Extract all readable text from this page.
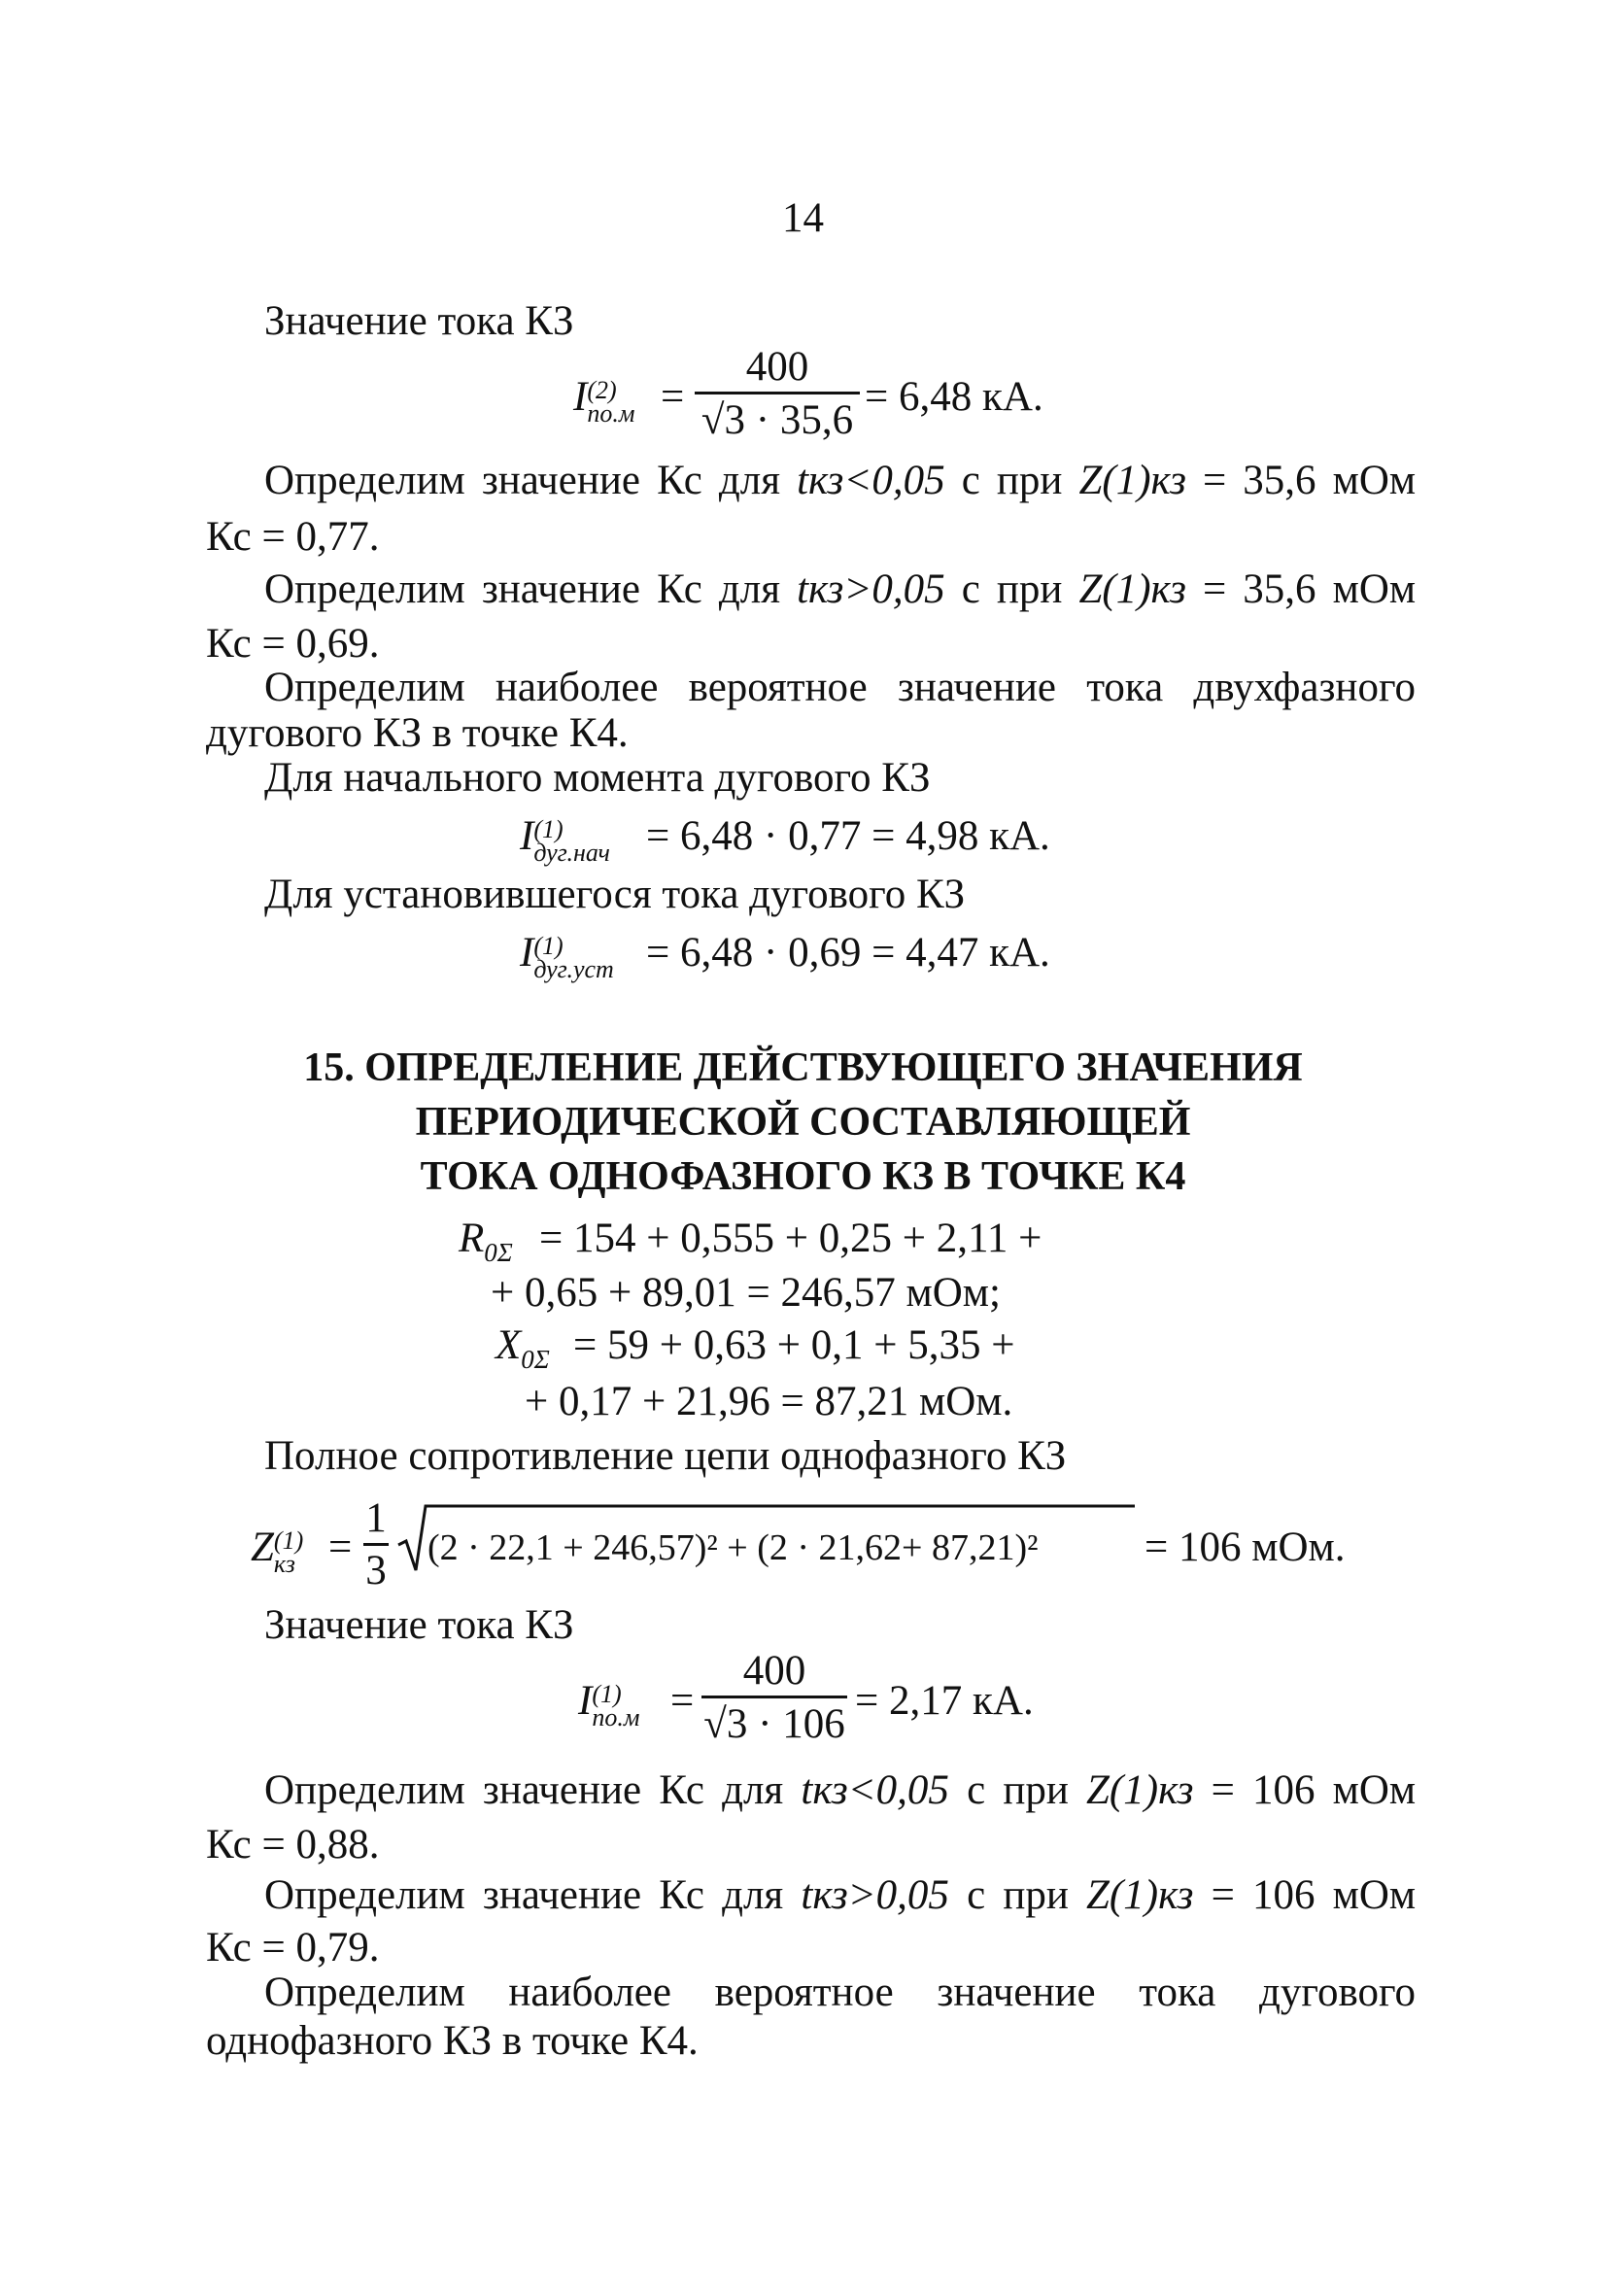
14
Значение тока КЗ
I (2)
по.м =
400
√3 · 35,6
= 6,48 кА.
Определим значение Кс для tкз<0,05 с при Z(1)кз = 35,6 мОм
Кс = 0,77.
Определим значение Кс для tкз>0,05 с при Z(1)кз = 35,6 мОм
Кс = 0,69.
Определим наиболее вероятное значение тока двухфазного
дугового КЗ в точке К4.
Для начального момента дугового КЗ
I (1)
дуг.нач = 6,48 · 0,77 = 4,98 кА.
Для установившегося тока дугового КЗ
I (1)
дуг.уст = 6,48 · 0,69 = 4,47 кА.
15. ОПРЕДЕЛЕНИЕ ДЕЙСТВУЮЩЕГО ЗНАЧЕНИЯ
ПЕРИОДИЧЕСКОЙ СОСТАВЛЯЮЩЕЙ
ТОКА ОДНОФАЗНОГО КЗ В ТОЧКЕ К4
$R_{0\Sigma} = 154 + 0,555 + 0,25 + 2,11$ +
+ 0,65 + 89,01 = 246,57 мОм;
$X_{0\Sigma} = 59 + 0,63 + 0,1 + 5,35$ +
+ 0,17 + 21,96 = 87,21 мОм.
Полное сопротивление цепи однофазного КЗ
Z (1)
кз =
1
3 (2 · 22,1 + 246,57)² + (2 · 21,62+ 87,21)²	= 106 мОм.
Значение тока КЗ
I (1)
по.м =
400
√3 · 106
= 2,17 кА.
Определим значение Кс для tкз<0,05 с при Z(1)кз = 106 мОм
Кс = 0,88.
Определим значение Кс для tкз>0,05 с при Z(1)кз = 106 мОм
Кс = 0,79.
Определим наиболее вероятное значение тока дугового
однофазного КЗ в точке К4.
